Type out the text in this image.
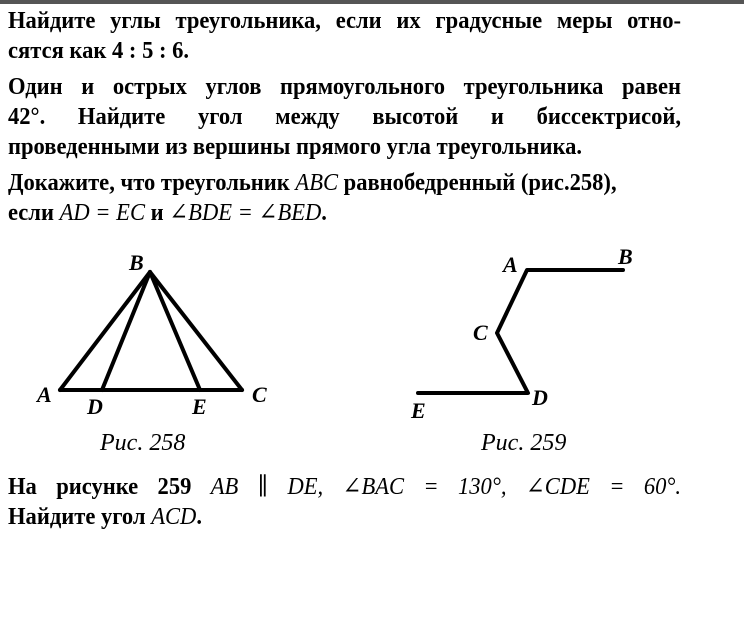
Найдите углы треугольника, если их градусные меры отно-

сятся как 4 : 5 : 6.

Один и острых углов прямоугольного треугольника равен

42°. Найдите угол между высотой и биссектрисой,

проведенными из вершины прямого угла треугольника.

Докажите, что треугольник ABC равнобедренный (рис.258),

если AD = EC и ∠BDE = ∠BED.

B
A D	E C
Рис. 258
A	B
C
D
E
Рис. 259

На рисунке 259 AB ∥ DE, ∠BAC = 130°, ∠CDE = 60°.

Найдите угол ACD.
